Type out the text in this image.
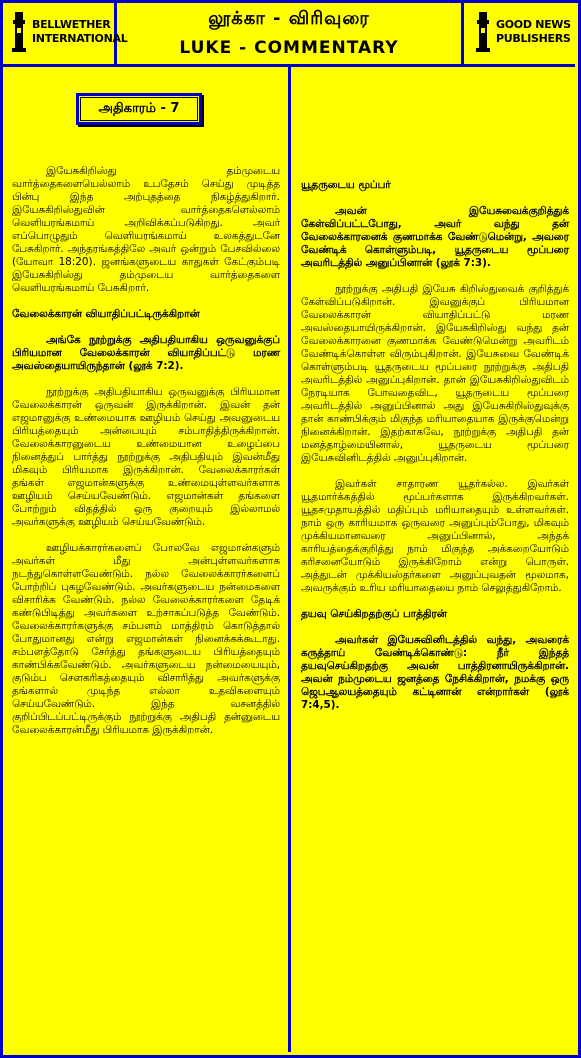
BELLWETHER
INTERNATIONAL
லூக்கா - விரிவுரை
LUKE - COMMENTARY
GOOD NEWS
PUBLISHERS
அதிகாரம் - 7

இயேசுகிறிஸ்து தம்முடைய வார்த்தைகளையெல்லாம் உபதேசம் செய்து முடித்த பின்பு இந்த அற்புதத்தை நிகழ்த்துகிறார். இயேசுகிறிஸ்துவின் வார்த்தைகளெல்லாம் வெளியரங்கமாய் அறிவிக்கப்படுகிறது. அவர் எப்பொழுதும் வெளியரங்கமாய் உலகத்துடனே பேசுகிறார். அந்தரங்கத்திலே அவர் ஒன்றும் பேசவில்லை (யோவா 18:20). ஜனங்களுடைய காதுகள் கேட்கும்படி இயேசுகிறிஸ்து தம்முடைய வார்த்தைகளை வெளியரங்கமாய் பேசுகிறார்.

வேலைக்காரன் வியாதிப்பட்டிருக்கிறான்

அங்கே நூற்றுக்கு அதிபதியாகிய ஒருவனுக்குப் பிரியமான வேலைக்காரன் வியாதிப்பட்டு மரண அவஸ்தையாயிருந்தான் (லூக் 7:2).

நூற்றுக்கு அதிபதியாகிய ஒருவனுக்கு பிரியமான வேலைக்காரன் ஒருவன் இருக்கிறான். இவன் தன் எஜமானுக்கு உண்மையாக ஊழியம் செய்து அவனுடைய பிரியத்தையும் அன்பையும் சம்பாதித்திருக்கிறான். வேலைக்காரனுடைய உண்மையான உழைப்பை நினைத்துப் பார்த்து நூற்றுக்கு அதிபதியும் இவன்மீது மிகவும் பிரியமாக இருக்கிறான். வேலைக்காரர்கள் தங்கள் எஜமான்களுக்கு உண்மையுள்ளவர்களாக ஊழியம் செய்யவேண்டும். எஜமான்கள் தங்களை போற்றும் விதத்தில் ஒரு குறையும் இல்லாமல் அவர்களுக்கு ஊழியம் செய்யவேண்டும்.

ஊழியக்காரர்களைப் போலவே எஜமான்களும் அவர்கள் மீது அன்புள்ளவர்களாக நடந்துகொள்ளவேண்டும். நல்ல வேலைக்காரர்களைப் போற்றிப் புகழவேண்டும். அவர்களுடைய நன்மைகளை விசாரிக்க வேண்டும். நல்ல வேலைக்காரர்களை தேடிக் கண்டுபிடித்து அவர்களை உற்சாகப்படுத்த வேண்டும். வேலைக்காரர்களுக்கு சம்பளம் மாத்திரம் கொடுத்தால் போதுமானது என்று எஜமான்கள் நினைக்கக்கூடாது. சம்பளத்தோடு சேர்த்து தங்களுடைய பிரியத்தையும் காண்பிக்கவேண்டும். அவர்களுடைய நன்மையையும், குடும்ப சௌகரிகத்தையும் விசாரித்து அவர்களுக்கு தங்களால் முடிந்த எல்லா உதவிகளையும் செய்யவேண்டும். இந்த வசனத்தில் குறிப்பிடப்பட்டிருக்கும் நூற்றுக்கு அதிபதி தன்னுடைய வேலைக்காரன்மீது பிரியமாக இருக்கிறான்.

யூதருடைய மூப்பர்

அவன் இயேசுவைக்குறித்துக் கேள்விப்பட்டபோது, அவர் வந்து தன் வேலைக்காரனைக் குணமாக்க வேண்டுமென்று, அவரை வேண்டிக் கொள்ளும்படி, யூதருடைய மூப்பரை அவரிடத்தில் அனுப்பினான் (லூக் 7:3).

நூற்றுக்கு அதிபதி இயேசு கிறிஸ்துவைக் குறித்துக் கேள்விப்படுகிறான். இவனுக்குப் பிரியமான வேலைக்காரன் வியாதிப்பட்டு மரண அவஸ்தையாயிருக்கிறான். இயேசுகிறிஸ்து வந்து தன் வேலைக்காரனை குணமாக்க வேண்டுமென்று அவரிடம் வேண்டிக்கொள்ள விரும்புகிறான். இயேசுவை வேண்டிக் கொள்ளும்படி யூதருடைய மூப்பரை நூற்றுக்கு அதிபதி அவரிடத்தில் அனுப்புகிறான். தான் இயேசுகிறிஸ்துவிடம் நேரடியாக போவதைவிட, யூதருடைய மூப்பரை அவரிடத்தில் அனுப்பினால் அது இயேசுகிறிஸ்துவுக்கு தான் காண்பிக்கும் மிகுந்த மரியாதையாக இருக்குமென்று நினைக்கிறான். இதற்காகவே, நூற்றுக்கு அதிபதி தன் மனத்தாழ்மையினால், யூதருடைய மூப்பரை இயேசுவினிடத்தில் அனுப்புகிறான்.

இவர்கள் சாதாரண யூதர்கல்ல. இவர்கள் யூதமார்க்கத்தில் மூப்பர்களாக இருக்கிறவர்கள். யூதசமுதாயத்தில் மதிப்பும் மரியாதையும் உள்ளவர்கள். நாம் ஒரு காரியமாக ஒருவரை அனுப்பும்போது, மிகவும் முக்கியமானவரை அனுப்பினால், அந்தக் காரியத்தைக்குறித்து நாம் மிகுந்த அக்கறையோடும் கரிசனையோடும் இருக்கிறோம் என்று பொருள். அத்துடன் முக்கியஸ்தர்களை அனுப்புவதன் மூலமாக, அவருக்கும் உரிய மரியாதையை நாம் செலுத்துகிறோம்.

தயவு செய்கிறதற்குப் பாத்திரன்

அவர்கள் இயேசுவினிடத்தில் வந்து, அவரைக் கருத்தாய் வேண்டிக்கொண்டு: நீர் இந்தத் தயவுசெய்கிறதற்கு அவன் பாத்திரனாயிருக்கிறான். அவன் நம்முடைய ஜனத்தை நேசிக்கிறான், நமக்கு ஒரு ஜெபஆலயத்தையும் கட்டினான் என்றார்கள் (லூக் 7:4,5).
